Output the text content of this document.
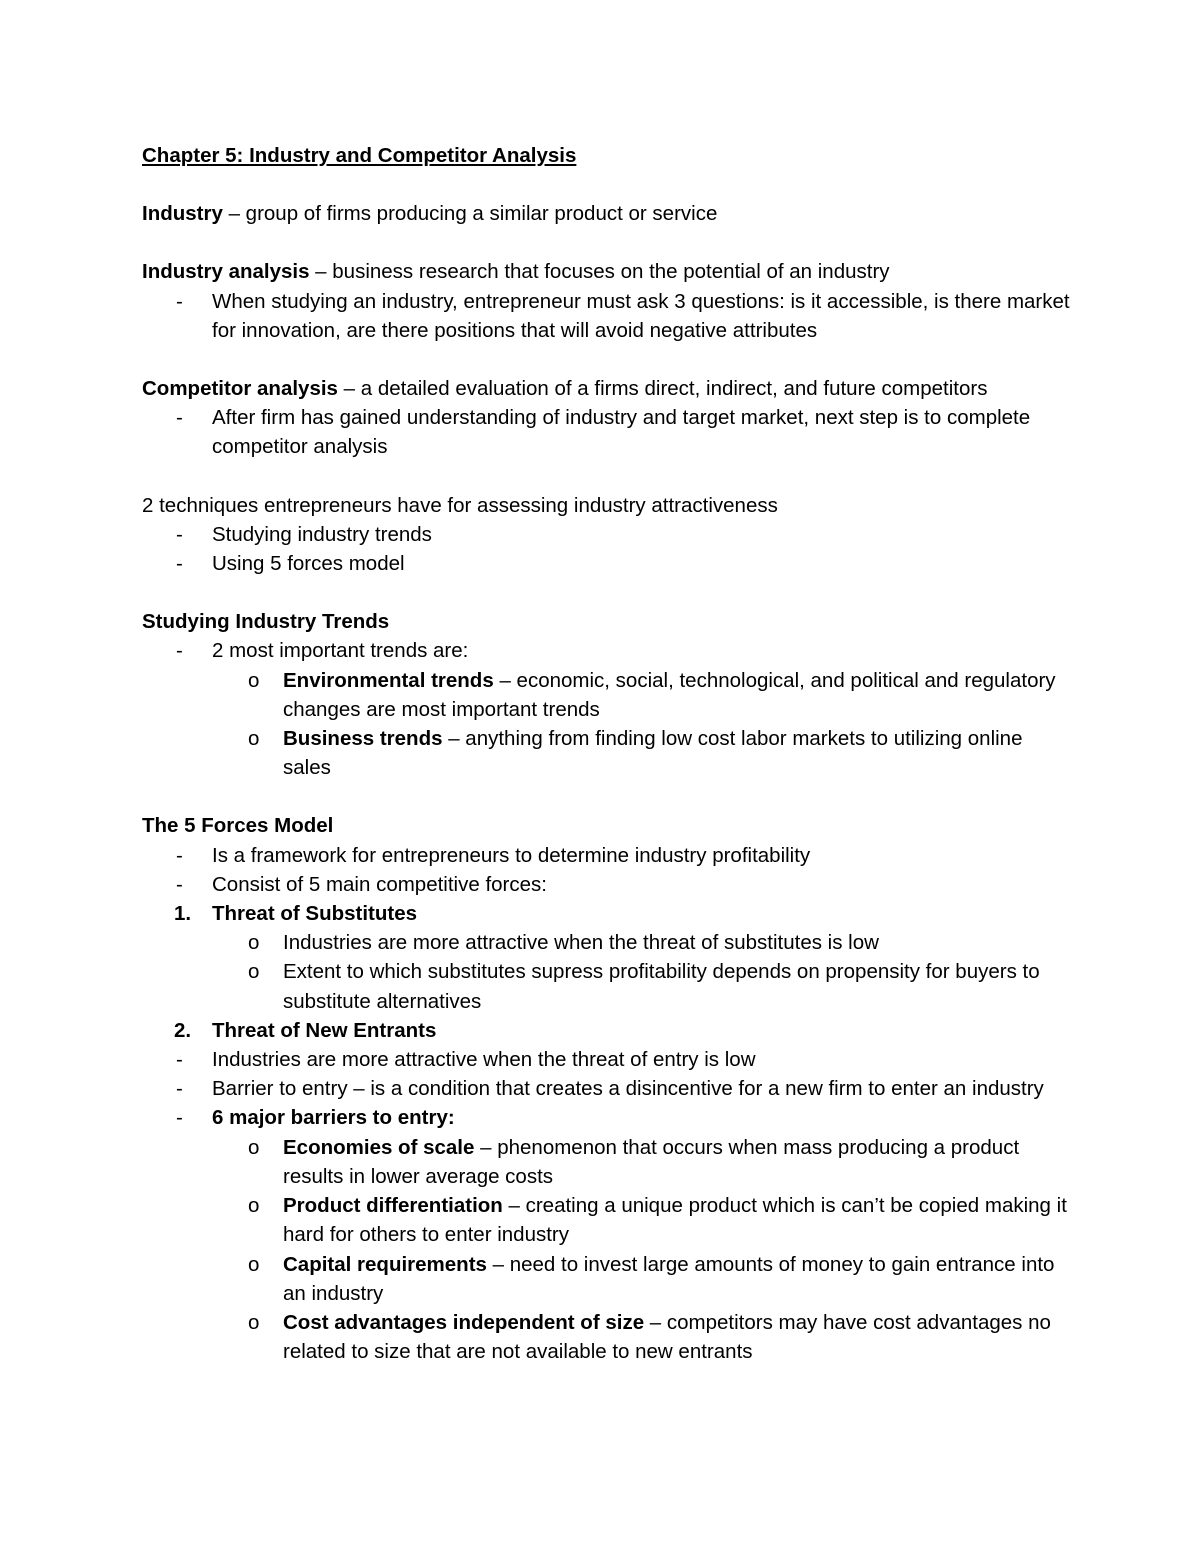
Chapter 5: Industry and Competitor Analysis

Industry – group of firms producing a similar product or service

Industry analysis – business research that focuses on the potential of an industry

- When studying an industry, entrepreneur must ask 3 questions: is it accessible, is there market for innovation, are there positions that will avoid negative attributes

Competitor analysis – a detailed evaluation of a firms direct, indirect, and future competitors

- After firm has gained understanding of industry and target market, next step is to complete competitor analysis

2 techniques entrepreneurs have for assessing industry attractiveness

- Studying industry trends
- Using 5 forces model

Studying Industry Trends

- 2 most important trends are:
o Environmental trends – economic, social, technological, and political and regulatory changes are most important trends
o Business trends – anything from finding low cost labor markets to utilizing online sales

The 5 Forces Model

- Is a framework for entrepreneurs to determine industry profitability
- Consist of 5 main competitive forces:
1. Threat of Substitutes
o Industries are more attractive when the threat of substitutes is low
o Extent to which substitutes supress profitability depends on propensity for buyers to substitute alternatives
2. Threat of New Entrants
- Industries are more attractive when the threat of entry is low
- Barrier to entry – is a condition that creates a disincentive for a new firm to enter an industry
- 6 major barriers to entry:
o Economies of scale – phenomenon that occurs when mass producing a product results in lower average costs
o Product differentiation – creating a unique product which is can’t be copied making it hard for others to enter industry
o Capital requirements – need to invest large amounts of money to gain entrance into an industry
o Cost advantages independent of size – competitors may have cost advantages no related to size that are not available to new entrants
